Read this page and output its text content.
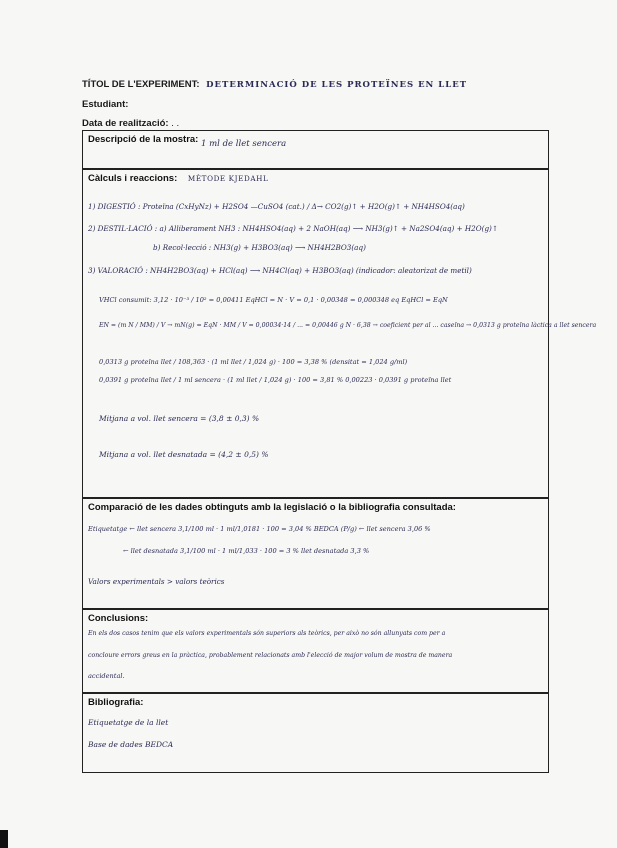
TÍTOL DE L'EXPERIMENT: DETERMINACIÓ DE LES PROTEÏNES EN LLET
Estudiant:
Data de realització: . .
Descripció de la mostra: 1 ml de llet sencera
Càlculs i reaccions: MÈTODE KJEDAHL
1) DIGESTIÓ : Proteïna (CxHyNz) + H2SO4 —CuSO4 (cat.) / Δ→ CO2(g)↑ + H2O(g)↑ + NH4HSO4(aq)
2) DESTIL·LACIÓ : a) Alliberament NH3 : NH4HSO4(aq) + 2 NaOH(aq) ⟶ NH3(g)↑ + Na2SO4(aq) + H2O(g)↑
b) Recol·lecció : NH3(g) + H3BO3(aq) ⟶ NH4H2BO3(aq)
3) VALORACIÓ : NH4H2BO3(aq) + HCl(aq) ⟶ NH4Cl(aq) + H3BO3(aq) (indicador: aleatorizat de metil)
VHCl consumit: 3,12 · 10⁻³ / 10² = 0,00411 EqHCl = N · V = 0,1 · 0,00348 = 0,000348 eq EqHCl = EqN
EN = (m N / MM) / V → mN(g) = EqN · MM / V = 0,00034·14 / ... = 0,00446 g N · 6,38 → coeficient per al ... caseïna → 0,0313 g proteïna làctica a llet sencera
0,0313 g proteïna llet / 108,363 · (1 ml llet / 1,024 g) · 100 = 3,38 % (densitat = 1,024 g/ml)
0,0391 g proteïna llet / 1 ml sencera · (1 ml llet / 1,024 g) · 100 = 3,81 % 0,00223 · 0,0391 g proteïna llet
Mitjana a vol. llet sencera = (3,8 ± 0,3) %
Mitjana a vol. llet desnatada = (4,2 ± 0,5) %
Comparació de les dades obtinguts amb la legislació o la bibliografia consultada:
Etiquetatge ← llet sencera 3,1/100 ml · 1 ml/1,0181 · 100 = 3,04 % BEDCA (P/g) ← llet sencera 3,06 %
← llet desnatada 3,1/100 ml · 1 ml/1,033 · 100 = 3 % llet desnatada 3,3 %
Valors experimentals > valors teòrics
Conclusions:
En els dos casos tenim que els valors experimentals són superiors als teòrics, per això no són allunyats com per a
concloure errors greus en la pràctica, probablement relacionats amb l'elecció de major volum de mostra de manera
accidental.
Bibliografia:
Etiquetatge de la llet
Base de dades BEDCA
